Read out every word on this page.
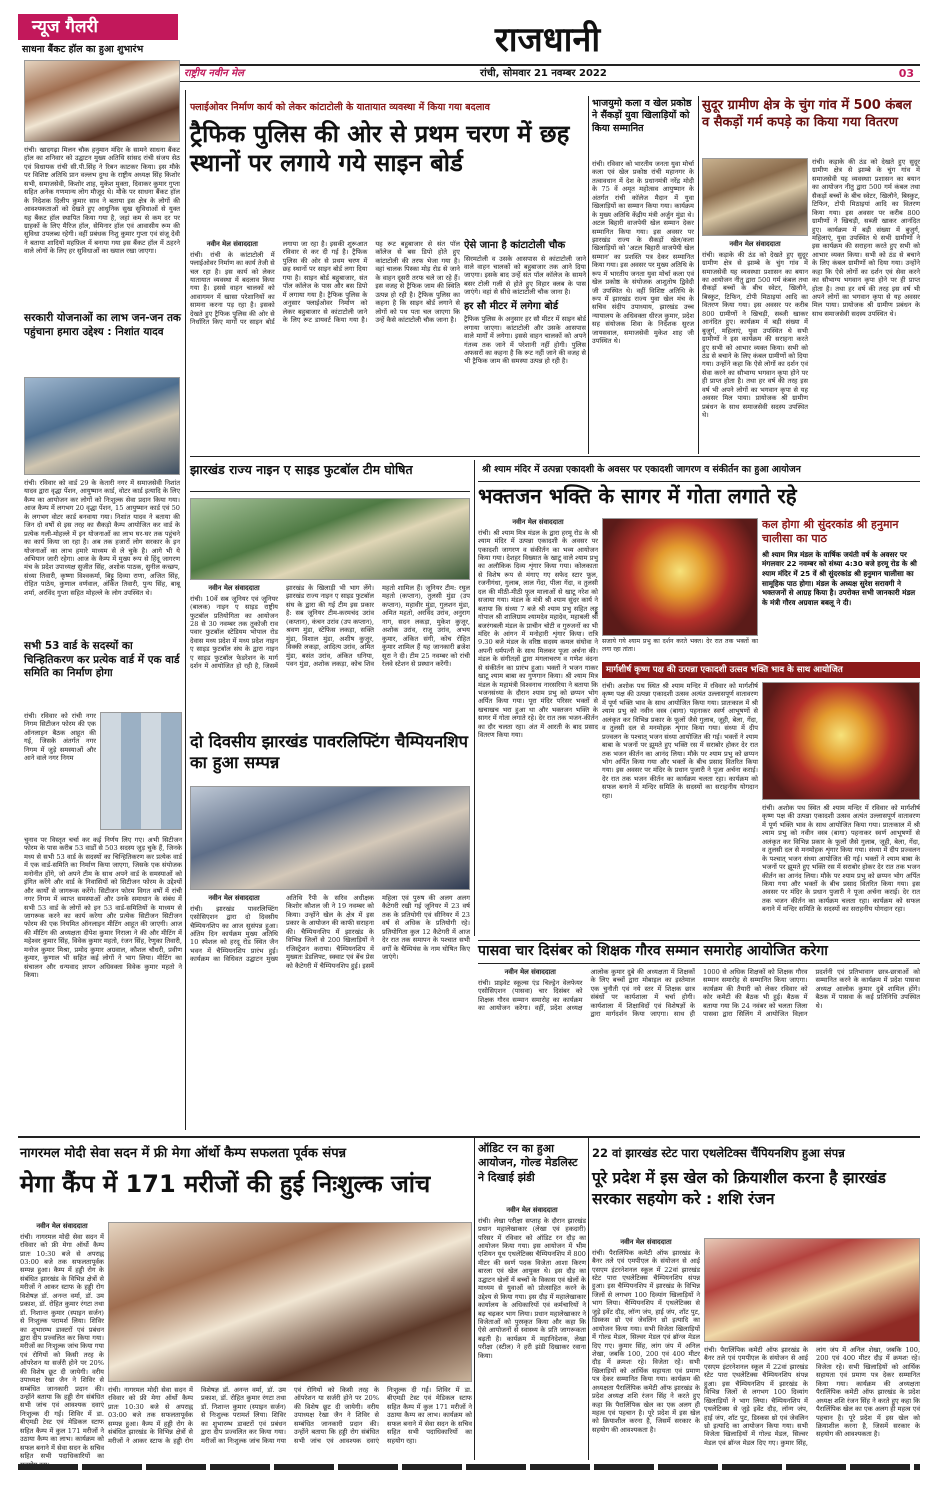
न्यूज गैलरी	राजधानी
राष्ट्रीय नवीन मेल	रांची, सोमवार 21 नवम्बर 2022	03
साधना बैंकट हॉल का हुआ शुभारंभ
रांची। खादगढ़ा मिलन चौक हनुमान मंदिर के सामने साधना बैंकट हॉल का शनिवार को उद्घाटन मुख्य अतिथि सांसद रांची संजय सेठ एवं विधायक रांची सी.पी.सिंह ने रिबन काटकर किया। इस मौके पर विशिष्ट अतिथि प्रान वल्लभ दुग्ध के राष्ट्रीय अध्यक्ष सिंह किशोर सभी, समाजसेवी, किशोर शाह, मुकेश मुक्ता, दिवाकर कुमार गुप्ता सहित अनेक गणमान्य लोग मौजूद थे। मौके पर साधना बैंकट हॉल के निदेशक दिलीप कुमार साव ने बताया इस क्षेत्र के लोगों की आवश्यकताओं को देखते हुए आधुनिक सुख सुविधाओं से युक्त यह बैंकट हॉल स्थापित किया गया है, जहां कम से कम दर पर ग्राहकों के लिए मैरिज हॉल, सेमिनार हॉल एवं आवासीय रूम की सुविधा उपलब्ध रहेगी। वहीं प्रबंधक निशु कुमार गुप्ता एवं संजू देवी ने बताया शादियों महफ़िल में बनाया गया इस बैंकट हॉल में ठहरने वाले लोगों के लिए हर सुविधाओं का ख्याल रखा जाएगा।
सरकारी योजनाओं का लाभ जन-जन तक पहुंचाना हमारा उद्देश्य : निशांत यादव
रांची। रविवार को वार्ड 29 के केतारी नगर में समाजसेवी निशांत यादव द्वारा वृद्धा पेंशन, आयुष्मान कार्ड, वोटर कार्ड इत्यादि के लिए कैम्प का आयोजन कर लोगों को निःशुल्क सेवा प्रदान किया गया। आज कैम्प में लगभग 20 वृद्धा पेंशन, 15 आयुष्मान कार्ड एवं 50 के लगभग वोटर कार्ड बनवाया गया। निशांत यादव ने बताया की जिन दो वर्षों से इस तरह का सैकड़ो कैम्प आयोजित कर वार्ड के प्रत्येक गली-मोहल्ले में इन योजनाओं का लाभ घर-घर तक पहुंचने का कार्य किया जा रहा है। अब तक हजारों लोग सरकार के इन योजनाओं का लाभ हमारे माध्यम से ले चुके है। आगे भी ये अभियान जारी रहेगा। आज के कैम्प में मुख्य रूप से हिंदू जागरण मंच के प्रदेश उपाध्यक्ष सुजीत सिंह, अशोक पाठक, सुनील कच्छप, संध्या तिवारी, कृष्णा विश्वकर्मा, बिट्टू दिव्या राणा, अजित सिंह, रोहित पाठेय, कुणाल वर्णवाल, अंकित तिवारी, पुन्य सिंह, बाबू शर्मा, अरविंद गुप्ता सहित मोहल्ले के लोग उपस्थित थे।
सभी 53 वार्ड के सदस्यों का चिन्हितिकरण कर प्रत्येक वार्ड में एक वार्ड समिति का निर्माण होगा
रांची। रविवार को रांची नगर निगम सिटीजन फोरम की एक ऑनलाइन बैठक आहूत की गई, जिसके अंतर्गत नगर निगम में जुड़े समस्याओं और आने वाले नगर निगम
चुनाव पर विस्तृत चर्चा कर कई निर्णय लिए गए। अभी सिटीजन फोरम के पास करीब 53 वार्डों से 503 सदस्य जुड़ चुके हैं, जिनके मध्य से सभी 53 वार्ड के सदस्यों का चिन्हितिकरण कर प्रत्येक वार्ड में एक वार्ड-समिति का निर्माण किया जाएगा, जिसके एक संयोजक मनोनीत होंगे, जो अपने टीम के साथ अपने वार्ड के समस्याओं को इंगित करेंगे और वार्ड के निवासियों को सिटीजन फोरम के उद्देश्यों और कार्यों से जागरूक करेंगे। सिटीजन फोरम विगत वर्षों में रांची नगर निगम में व्याप्त समस्याओं और उनके समाधान के संबंध में सभी 53 वार्ड के लोगों को इन 53 वार्ड-समितियों के माध्यम से जागरूक करने का कार्य करेगा और प्रत्येक सिटीजन सिटीजन फोरम की एक नियमित ऑनलाइन मीटिंग आहूत की जाएगी। आज की मीटिंग की अध्यक्षता दीपेश कुमार निराला ने की और मीटिंग में महेश्वर कुमार सिंह, विवेक कुमार महतो, रंजन सिंह, रेणुका तिवारी, मनोज कुमार मिश्रा, प्रमोद कुमार अग्रवाल, कौशल चौधरी, प्रवीण कुमार, कुणाल भी सहित कई लोगों ने भाग लिया। मीटिंग का संचालन और धन्यवाद ज्ञापन अधिवक्ता विवेक कुमार महतो ने किया।
फ्लाईओवर निर्माण कार्य को लेकर कांटाटोली के यातायात व्यवस्था में किया गया बदलाव
ट्रैफिक पुलिस की ओर से प्रथम चरण में छह स्थानों पर लगाये गये साइन बोर्ड
नवीन मेल संवाददाता
रांची। रांची के कांटाटोली में फ्लाईओवर निर्माण का कार्य तेजी से चल रहा है। इस कार्य को लेकर यातायात व्यवस्था में बदलाव किया गया है। इससे वाहन चालकों को आवागमन में खासा परेशानियों का सामना करना पड़ रहा है। इसको देखते हुए ट्रैफिक पुलिस की ओर से निर्धारित किए मार्गों पर साइन बोर्ड लगाया जा रहा है। इसकी शुरूआत रविवार से कर दी गई है। ट्रैफिक पुलिस की ओर से प्रथम चरण में छह स्थानों पर साइन बोर्ड लगा दिया गया है। साइन बोर्ड बहुबाजार, संत पॉल कॉलेज के पास और बस डिपो में लगाया गया है। ट्रैफिक पुलिस के अनुसार फ्लाईओवर निर्माण को लेकर बहुबाजार से कांटाटोली जाने के लिए रूट डायवर्ट किया गया है। यह रूट बहुबाजार से संत पॉल कॉलेज से बस डिपो होते हुए कांटाटोली की तरफ भेजा गया है। वहां चालक पिस्का मोड़ रोड से जाने के वाहन दूसरी तरफ चले जा रहे हैं। इस वजह से ट्रैफिक जाम की स्थिति उत्पन्न हो रही है। ट्रैफिक पुलिस का कहना है कि साइन बोर्ड लगाने से लोगों को पथ पता चल जाएगा कि उन्हें कैसे कांटाटोली चौक जाना है।
ऐसे जाना है कांटाटोली चौक
सिरमटोली व उसके आसपास से कांटाटोली जाने वाले वाहन चालकों को बहुबाजार तक आने दिया जाएगा। इसके बाद उन्हें संत पॉल कॉलेज के सामने बसर टोली गली से होते हुए विहार क्लब के पास जाएंगे। वहां से सीधे कांटाटोली चौक जाना है।
हर सौ मीटर में लगेगा बोर्ड
ट्रैफिक पुलिस के अनुसार हर सौ मीटर में साइन बोर्ड लगाया जाएगा। कांटाटोली और उसके आसपास वाले मार्गों में लगेगा। इससे वाहन चालकों को अपने गंतव्य तक जाने में परेशानी नहीं होगी। पुलिस अफसरों का कहना है कि रूट नहीं जाने की वजह से भी ट्रैफिक जाम की समस्या उत्पन्न हो रही है।
भाजयुमो कला व खेल प्रकोष्ठ ने सैंकड़ों युवा खिलाड़ियों को किया सम्मानित
रांची। रविवार को भारतीय जनता युवा मोर्चा कला एवं खेल प्रकोष्ठ रांची महानगर के तत्वावधान में देश के प्रधानमंत्री नरेंद्र मोदी के 75 वें अमृत महोत्सव आयुष्मान के अंतर्गत रांची कॉलेज मैदान में युवा खिलाड़ियों का सम्मान किया गया। कार्यक्रम के मुख्य अतिथि केंद्रीय मंत्री अर्जुन मुंडा थे। अटल बिहारी वाजपेयी खेल सम्मान देकर सम्मानित किया गया। इस अवसर पर झारखंड राज्य के सैकड़ों खेल/कला खिलाड़ियों को 'अटल बिहारी वाजपेयी खेल सम्मान' का प्रशस्ति पत्र देकर सम्मानित किया गया। इस अवसर पर मुख्य अतिथि के रूप में भारतीय जनता युवा मोर्चा कला एवं खेल प्रकोष्ठ के संयोजक आशुतोष द्विवेदी जी उपस्थित थे। वहीं विशिष्ट अतिथि के रूप में झारखंड राज्य युवा खेल मंच के सचिव संदीप उपाध्याय, झारखंड उच्च न्यायालय के अधिवक्ता धीरज कुमार, प्रदेश सह संयोजक शिवा के निर्देशक सुरज जायसवाल, समाजसेवी मुकेश शाह जी उपस्थित थे।
सुदूर ग्रामीण क्षेत्र के चुंग गांव में 500 कंबल व सैकड़ों गर्म कपड़े का किया गया वितरण
नवीन मेल संवाददाता
रांची। कड़ाके की ठंड को देखते हुए सुदूर ग्रामीण क्षेत्र से झाम्बे के चुंग गांव में समाजसेवी यह व्यवस्थाा प्रशासन का बयान का आयोजन नीतु द्वारा 500 गर्म कंबल तथा सैकड़ों बच्चों के बीच स्वेटर, खिलौने, बिस्कुट, टिफिन, टोपी मिठाइयां आदि का वितरण किया गया। इस अवसर पर करीब 800 ग्रामीणों ने खिचड़ी, सब्जी खाकर आनंदित हुए। कार्यक्रम में बड़ी संख्या में बुजुर्ग, महिलाएं, युवा उपस्थित थे सभी ग्रामीणों ने इस कार्यक्रम की सराहना करते हुए सभी को आभार व्यक्त किया। सभी को ठंड से बचाने के लिए कंबल ग्रामीणों को दिया गया। उन्होंने कहा कि ऐसे लोगों का दर्शन एवं सेवा करने का सौभाग्य भगवान कृपा होने पर ही प्राप्त होता है। तथा हर वर्ष की तरह इस वर्ष भी अपने लोगों का भगवान कृपा से यह अवसर मिल पाया। प्रायोजक श्री ग्रामीण प्रबंधन के साथ समाजसेवी सदस्य उपस्थित थे।
रांची। कड़ाके की ठंड को देखते हुए सुदूर ग्रामीण क्षेत्र से झाम्बे के चुंग गांव में समाजसेवी यह व्यवस्थाा प्रशासन का बयान का आयोजन नीतु द्वारा 500 गर्म कंबल तथा सैकड़ों बच्चों के बीच स्वेटर, खिलौने, बिस्कुट, टिफिन, टोपी मिठाइयां आदि का वितरण किया गया। इस अवसर पर करीब 800 ग्रामीणों ने खिचड़ी, सब्जी खाकर आनंदित हुए। कार्यक्रम में बड़ी संख्या में बुजुर्ग, महिलाएं, युवा उपस्थित थे सभी ग्रामीणों ने इस कार्यक्रम की सराहना करते हुए सभी को आभार व्यक्त किया। सभी को ठंड से बचाने के लिए कंबल ग्रामीणों को दिया गया। उन्होंने कहा कि ऐसे लोगों का दर्शन एवं सेवा करने का सौभाग्य भगवान कृपा होने पर ही प्राप्त होता है। तथा हर वर्ष की तरह इस वर्ष भी अपने लोगों का भगवान कृपा से यह अवसर मिल पाया। प्रायोजक श्री ग्रामीण प्रबंधन के साथ समाजसेवी सदस्य उपस्थित थे।
झारखंड राज्य नाइन ए साइड फुटबॉल टीम घोषित
नवीन मेल संवाददाता
रांची। 10वें सब जूनियर एवं जूनियर (बालक) नाइन ए साइड राष्ट्रीय फुटबॉल प्रतियोगिता का आयोजन 28 से 30 नवम्बर तक तुकोजी राव पवार फुटबॉल स्टेडियम भोपाल रोड देवास मध्य प्रदेश में मध्य प्रदेश नाइन ए साइड फुटबॉल संघ के द्वारा नाइन ए साइड फुटबॉल फेडरेशन के मार्ग दर्शन में आयोजित हो रही है, जिसमें झारखंड के खिलाड़ी भी भाग लेंगे। झारखंड राज्य नाइन ए साइड फुटबॉल संघ के द्वारा की गई टीम इस प्रकार है: सब जूनियर टीम-करमचंद उरांव (कप्तान), कंचन उरांव (उप कप्तान), श्रवण मुंडा, स्टेफिस लकड़ा, सक्ति मुंडा, विशाल मुंडा, अशीष कुजूर, विक्की लकड़ा, आदित्य उरांव, अमित मुंडा, बसंत उरांव, अंकित धनिया, पवन मुंडा, अशोक लकड़ा, कोच शिव महतो शामिल हैं। जूनियर टीम: रघुल महतो (कप्तान), तुलसी मुंडा (उप कप्तान), महावीर मुंडा, गुलशन मुंडा, अमित महतो, अरविंद उरांव, अनुराग नाग, सदन लकड़ा, मुकेश कुजूर, अशोक उरांव, राजू उरांव, अभय कुमार, अंकित संगी, कोच रोहित कुमार शामिल हैं यह जानकारी ब्रजेश सूरा ने दी। टीम 25 नवम्बर को रांची रेलवे स्टेशन से प्रस्थान करेंगी।
दो दिवसीय झारखंड पावरलिफ्टिंग चैम्पियनशिप का हुआ सम्पन्न
नवीन मेल संवाददाता
रांची। झारखंड पावरलिफ्टिंग एसोसिएशन द्वारा दो दिवसीय चैम्पियनशिप का आज सुसंपन्न हुआ। अंतिम दिन कार्यक्रम मुख्य अतिथि 10 स्पेशल को हरदू रोड स्थित जैन भवन में चैम्पियनशिप प्रारंभ हुई। कार्यक्रम का विधिवत उद्घाटन मुख्य अतिथि रैंपी के सरिव अधीक्षक किशोर कौशल जी ने 19 नवम्बर को किया। उन्होंने खेल के क्षेत्र में इस प्रकार के आयोजन की काफी सराहना की। चैम्पियनशिप में झारखंड के विभिन्न जिलों से 200 खिलाड़ियों ने रजिस्ट्रेशन कराया। चैम्पियनशिप में मुख्यतः डेडलिफ्ट, स्क्वाट एवं बेंच प्रेस को कैटेगरी में चैम्पियनशिप हुई। इसमें महिला एवं पुरुष की अलग अलग कैटेगरी रखी गई जूनियर में 23 वर्ष तक के प्रतियोगी एवं सीनियर में 23 वर्ष से अधिक के प्रतियोगी रहे। प्रतियोगिता कुल 12 कैटेगरी में आज देर रात तक समापन के पश्चात सभी वर्गों के चैम्पियंस के नाम घोषित किए जाएंगे।
श्री श्याम मंदिर में उत्पन्ना एकादशी के अवसर पर एकादशी जागरण व संकीर्तन का हुआ आयोजन
भक्तजन भक्ति के सागर में गोता लगाते रहे
नवीन मेल संवाददाता
रांची। श्री श्याम मित्र मंडल के द्वारा हरमू रोड के श्री श्याम मंदिर में उत्पन्ना एकादशी के अवसर पर एकादशी जागरण व संकीर्तन का भव्य आयोजन किया गया। देशहर विख्यात के खाटू वाले श्याम प्रभु का अलौकिक दिव्य शृंगार किया गया। कोलकाता से विशेष रूप से मंगाए गए सफेद स्टार फूल, रजनीगंधा, गुलाब, लाल गेंदा, पीला गेंदा, व तुलसी दल की मीठी-मीठी फूल मालाओं से खाटू नरेश को सजाया गया। मंडल के मंत्री श्री श्याम सुंदर कार्य ने बताया कि संध्या 7 बजे श्री श्याम प्रभु सहित लड्डू गोपाल श्री शालिग्राम श्यामदेव महादेव, महाबली श्री बजरंगबली मंडल के प्राचीन चोटी व गुरुजनों का भी मंदिर के आंगन में मनोहारी शृंगार किया। रात्रि 9.30 बजे मंडल के वरिष्ठ सदस्य कमल संघोवा ने अपनी धर्मपत्नी के साथ मिलकर पूजा अर्चना की। मंडल के संगीतज्ञों द्वारा मंगलाचरण व गणेश वंदना से संकीर्तन का प्रारंभ हुआ। भक्तों ने भजन गाकर खाटू श्याम बाबा का गुणगान किया। श्री श्याम मित्र मंडल के महामंत्री विश्वनाथ नारसरिया ने बताया कि भजनसंध्या के दौरान श्याम प्रभु को छप्पन भोग अर्पित किया गया। पूरा मंदिर परिसर भक्तों से खचाखच भरा हुआ था और भक्तजन भक्ति के सागर में गोता लगाते रहे। देर रात तक भजन-कीर्तन का दौर चलता रहा। अंत में आरती के बाद प्रसाद वितरण किया गया।
सजाये गये श्याम प्रभु का दर्शन करते भक्त। देर रात तक भक्तों का लगा रहा तांता।
कल होगा श्री सुंदरकांड श्री हनुमान चालीसा का पाठ
श्री श्याम मित्र मंडल के वार्षिक जयंती वर्ष के अवसर पर मंगलवार 22 नवम्बर को संध्या 4:30 बजे हरमू रोड के श्री श्याम मंदिर में 25 वें श्री सुंदरकांड श्री हनुमान चालीसा का सामूहिक पाठ होगा। मंडल के अध्यक्ष सुरेश सरावगी ने भक्तजनों से आग्रह किया है। उपरोक्त सभी जानकारी मंडल के मंत्री गौरव अग्रवाल बबलू ने दी।
मार्गशीर्ष कृष्ण पक्ष की उत्पन्ना एकादशी उत्सव भक्ति भाव के साथ आयोजित
रांची। अशोक पथ स्थित श्री श्याम मन्दिर में रविवार को मार्गशीर्ष कृष्ण पक्ष की उत्पन्ना एकादशी उत्सव अत्यंत उल्लासपूर्ण वातावरण में पूर्ण भक्ति भाव के साथ आयोजित किया गया। प्रातःकाल में श्री श्याम प्रभु को नवीन वस्त्र (बागा) पहनाकर स्वर्ण आभूषणों से अलंकृत कर विभिन्न प्रकार के फूलों जैसे गुलाब, जूही, बेला, गेंदा, व तुलसी दल से मनमोहक शृंगार किया गया। संध्या में दीप प्रज्वलन के पश्चात् भजन संध्या आयोजित की गई। भक्तों ने श्याम बाबा के भजनों पर झूमते हुए भक्ति रस में सराबोर होकर देर रात तक भजन कीर्तन का आनंद लिया। मौके पर श्याम प्रभु को छप्पन भोग अर्पित किया गया और भक्तों के बीच प्रसाद वितरित किया गया। इस अवसर पर मंदिर के प्रधान पुजारी ने पूजा अर्चना कराई। देर रात तक भजन कीर्तन का कार्यक्रम चलता रहा। कार्यक्रम को सफल बनाने में मन्दिर समिति के सदस्यों का सराहनीय योगदान रहा।
रांची। अशोक पथ स्थित श्री श्याम मन्दिर में रविवार को मार्गशीर्ष कृष्ण पक्ष की उत्पन्ना एकादशी उत्सव अत्यंत उल्लासपूर्ण वातावरण में पूर्ण भक्ति भाव के साथ आयोजित किया गया। प्रातःकाल में श्री श्याम प्रभु को नवीन वस्त्र (बागा) पहनाकर स्वर्ण आभूषणों से अलंकृत कर विभिन्न प्रकार के फूलों जैसे गुलाब, जूही, बेला, गेंदा, व तुलसी दल से मनमोहक शृंगार किया गया। संध्या में दीप प्रज्वलन के पश्चात् भजन संध्या आयोजित की गई। भक्तों ने श्याम बाबा के भजनों पर झूमते हुए भक्ति रस में सराबोर होकर देर रात तक भजन कीर्तन का आनंद लिया। मौके पर श्याम प्रभु को छप्पन भोग अर्पित किया गया और भक्तों के बीच प्रसाद वितरित किया गया। इस अवसर पर मंदिर के प्रधान पुजारी ने पूजा अर्चना कराई। देर रात तक भजन कीर्तन का कार्यक्रम चलता रहा। कार्यक्रम को सफल बनाने में मन्दिर समिति के सदस्यों का सराहनीय योगदान रहा।
पासवा चार दिसंबर को शिक्षक गौरव सम्मान समारोह आयोजित करेगा
नवीन मेल संवाददाता
रांची। प्राइवेट स्कूल्स एंड चिल्ड्रेन वेलफेयर एसोसिएशन (पासवा) चार दिसंबर को शिक्षक गौरव सम्मान समारोह का कार्यक्रम का आयोजन करेगा। वहीं, प्रदेश अध्यक्ष आलोक कुमार दुबे की अध्यक्षता में शिक्षकों के लिए बच्चों द्वारा मोबाइल का इस्तेमाल एक चुनौती एवं नये स्तर में शिक्षक छात्र संबंधों पर कार्यशाला में चर्चा होगी। कार्यशाला में शिक्षाविदों एवं विशेषज्ञों के द्वारा मार्गदर्शन किया जाएगा। साथ ही 1000 से अधिक शिक्षकों को शिक्षक गौरव सम्मान समारोह से सम्मानित किया जाएगा। कार्यक्रम की तैयारी को लेकर रविवार को कोर कमेटी की बैठक भी हुई। बैठक में बताया गया कि 24 नवंबर को चलता जिला पासवा द्वारा सिलिंग में आयोजित विज्ञान प्रदर्शनी एवं प्रतिभावान छात्र-छात्राओं को सम्मानित करने के कार्यक्रम में प्रदेश पासवा अध्यक्ष आलोक कुमार दुबे शामिल होंगे। बैठक में पासवा के कई प्रतिनिधि उपस्थित थे।
नागरमल मोदी सेवा सदन में फ्री मेगा ऑर्थो कैम्प सफलता पूर्वक संपन्न
मेगा कैंप में 171 मरीजों की हुई निःशुल्क जांच
नवीन मेल संवाददाता
रांची। नागरमल मोदी सेवा सदन में रविवार को फ्री मेगा ऑर्थो कैम्प प्रातः 10:30 बजे से अपराह्न 03:00 बजे तक सफलतापूर्वक सम्पन्न हुआ। कैम्प में हड्डी रोग के संबंधित झारखंड के विभिन्न क्षेत्रों से मरीजों ने आकर स्टाफ के हड्डी रोग विशेषज्ञ डॉ. अनन्त वर्मा, डॉ. उम प्रकाश, डॉ. रोहित कुमार रंगटा तथा डॉ. निशान्त कुमार (स्पाइन सर्जन) से निःशुल्क परामर्श लिया। शिविर का शुभारम्भ डाक्टरों एवं प्रबंधन द्वारा दीप प्रज्वलित कर किया गया। मरीजों का निःशुल्क जांच किया गया एवं रोगियों को किसी तरह के ऑपरेशन या सर्जरी होने पर 20% की विशेष छूट दी जायेगी। वरीय उपाध्यक्ष रेखा जैन ने शिविर से सम्बंधित जानकारी प्रदान की। उन्होंने बताया कि हड्डी रोग संबंधित सभी जांच एवं आवश्यक दवाएं निःशुल्क दी गईं। शिविर में डा. बीएमडी टेस्ट एवं मेडिकल स्टाफ सहित कैम्प में कुल 171 मरीजों ने उठाया कैम्प का लाभ। कार्यक्रम को सफल बनाने में सेवा सदन के सचिव सहित सभी पदाधिकारियों का
रांची। नागरमल मोदी सेवा सदन में रविवार को फ्री मेगा ऑर्थो कैम्प प्रातः 10:30 बजे से अपराह्न 03:00 बजे तक सफलतापूर्वक सम्पन्न हुआ। कैम्प में हड्डी रोग के संबंधित झारखंड के विभिन्न क्षेत्रों से मरीजों ने आकर स्टाफ के हड्डी रोग विशेषज्ञ डॉ. अनन्त वर्मा, डॉ. उम प्रकाश, डॉ. रोहित कुमार रंगटा तथा डॉ. निशान्त कुमार (स्पाइन सर्जन) से निःशुल्क परामर्श लिया। शिविर का शुभारम्भ डाक्टरों एवं प्रबंधन द्वारा दीप प्रज्वलित कर किया गया। मरीजों का निःशुल्क जांच किया गया एवं रोगियों को किसी तरह के ऑपरेशन या सर्जरी होने पर 20% की विशेष छूट दी जायेगी। वरीय उपाध्यक्ष रेखा जैन ने शिविर से सम्बंधित जानकारी प्रदान की। उन्होंने बताया कि हड्डी रोग संबंधित सभी जांच एवं आवश्यक दवाएं निःशुल्क दी गईं। शिविर में डा. बीएमडी टेस्ट एवं मेडिकल स्टाफ सहित कैम्प में कुल 171 मरीजों ने उठाया कैम्प का लाभ। कार्यक्रम को सफल बनाने में सेवा सदन के सचिव सहित सभी पदाधिकारियों का सहयोग रहा।
ऑडिट रन का हुआ आयोजन, गोल्ड मेडलिस्ट ने दिखाई झंडी
नवीन मेल संवाददाता
रांची। लेखा परीक्षा सप्ताह के दौरान झारखंड प्रधान महालेखाकार (लेखा एवं हकदारी) परिसर में रविवार को ऑडिट रन दौड़ का आयोजन किया गया। इस आयोजन में भीम एशियन यूथ एथलेटिक्स चैम्पियनशिप में 800 मीटर की स्वर्ण पदक विजेता आशा किरण बारला एवं खेल आयुक्त थे। इस दौड़ का उद्घाटन खेलों में बच्चों के विकास एवं खेलों के माध्यम से युवाओं को प्रोत्साहित करने के उद्देश्य से किया गया। इस दौड़ में महालेखाकार कार्यालय के अधिकारियों एवं कर्मचारियों ने बढ़ चढ़कर भाग लिया। प्रधान महालेखाकार ने विजेताओं को पुरस्कृत किया और कहा कि ऐसे आयोजनों से स्वास्थ्य के प्रति जागरूकता बढ़ती है। कार्यक्रम में महानिदेशक, लेखा परीक्षा (स्टील) ने हरी झंडी दिखाकर रवाना किया।
22 वां झारखंड स्टेट पारा एथलेटिक्स चैंपियनशिप हुआ संपन्न
पूरे प्रदेश में इस खेल को क्रियाशील करना है झारखंड सरकार सहयोग करे : शशि रंजन
नवीन मेल संवाददाता
रांची। पैरालिंपिक कमेटी ऑफ झारखंड के बैनर तले एवं एमपीएल के संयोजन से आई एसएम इंटरनेशनल स्कूल में 22वां झारखंड स्टेट पारा एथलेटिक्स चैम्पियनशिप संपन्न हुआ। इस चैम्पियनशिप में झारखंड के विभिन्न जिलों से लगभग 100 दिव्यांग खिलाड़ियों ने भाग लिया। चैम्पियनशिप में एथलेटिक्स से जुड़े इवेंट दौड़, लॉन्ग जंप, हाई जंप, शॉट पुट, डिस्कस थ्रो एवं जेवलिन थ्रो इत्यादि का आयोजन किया गया। सभी विजेता खिलाड़ियों में गोल्ड मेडल, सिल्वर मेडल एवं ब्रॉन्ज मेडल दिए गए। कुमार सिंह, लांग जंप में अनिल शेखा, जबकि 100, 200 एवं 400 मीटर दौड़ में क्रमशः रहे। विजेता रहे। सभी खिलाड़ियों को आर्थिक सहायता एवं प्रमाण पत्र देकर सम्मानित किया गया। कार्यक्रम की अध्यक्षता पैरालिंपिक कमेटी ऑफ झारखंड के प्रदेश अध्यक्ष शशि रंजन सिंह ने करते हुए कहा कि पैरालिंपिक खेल का एक अलग ही महत्व एवं पहचान है। पूरे प्रदेश में इस खेल को क्रियाशील करना है, जिसमें सरकार के सहयोग की आवश्यकता है।
रांची। पैरालिंपिक कमेटी ऑफ झारखंड के बैनर तले एवं एमपीएल के संयोजन से आई एसएम इंटरनेशनल स्कूल में 22वां झारखंड स्टेट पारा एथलेटिक्स चैम्पियनशिप संपन्न हुआ। इस चैम्पियनशिप में झारखंड के विभिन्न जिलों से लगभग 100 दिव्यांग खिलाड़ियों ने भाग लिया। चैम्पियनशिप में एथलेटिक्स से जुड़े इवेंट दौड़, लॉन्ग जंप, हाई जंप, शॉट पुट, डिस्कस थ्रो एवं जेवलिन थ्रो इत्यादि का आयोजन किया गया। सभी विजेता खिलाड़ियों में गोल्ड मेडल, सिल्वर मेडल एवं ब्रॉन्ज मेडल दिए गए। कुमार सिंह, लांग जंप में अनिल शेखा, जबकि 100, 200 एवं 400 मीटर दौड़ में क्रमशः रहे। विजेता रहे। सभी खिलाड़ियों को आर्थिक सहायता एवं प्रमाण पत्र देकर सम्मानित किया गया। कार्यक्रम की अध्यक्षता पैरालिंपिक कमेटी ऑफ झारखंड के प्रदेश अध्यक्ष शशि रंजन सिंह ने करते हुए कहा कि पैरालिंपिक खेल का एक अलग ही महत्व एवं पहचान है। पूरे प्रदेश में इस खेल को क्रियाशील करना है, जिसमें सरकार के सहयोग की आवश्यकता है।
